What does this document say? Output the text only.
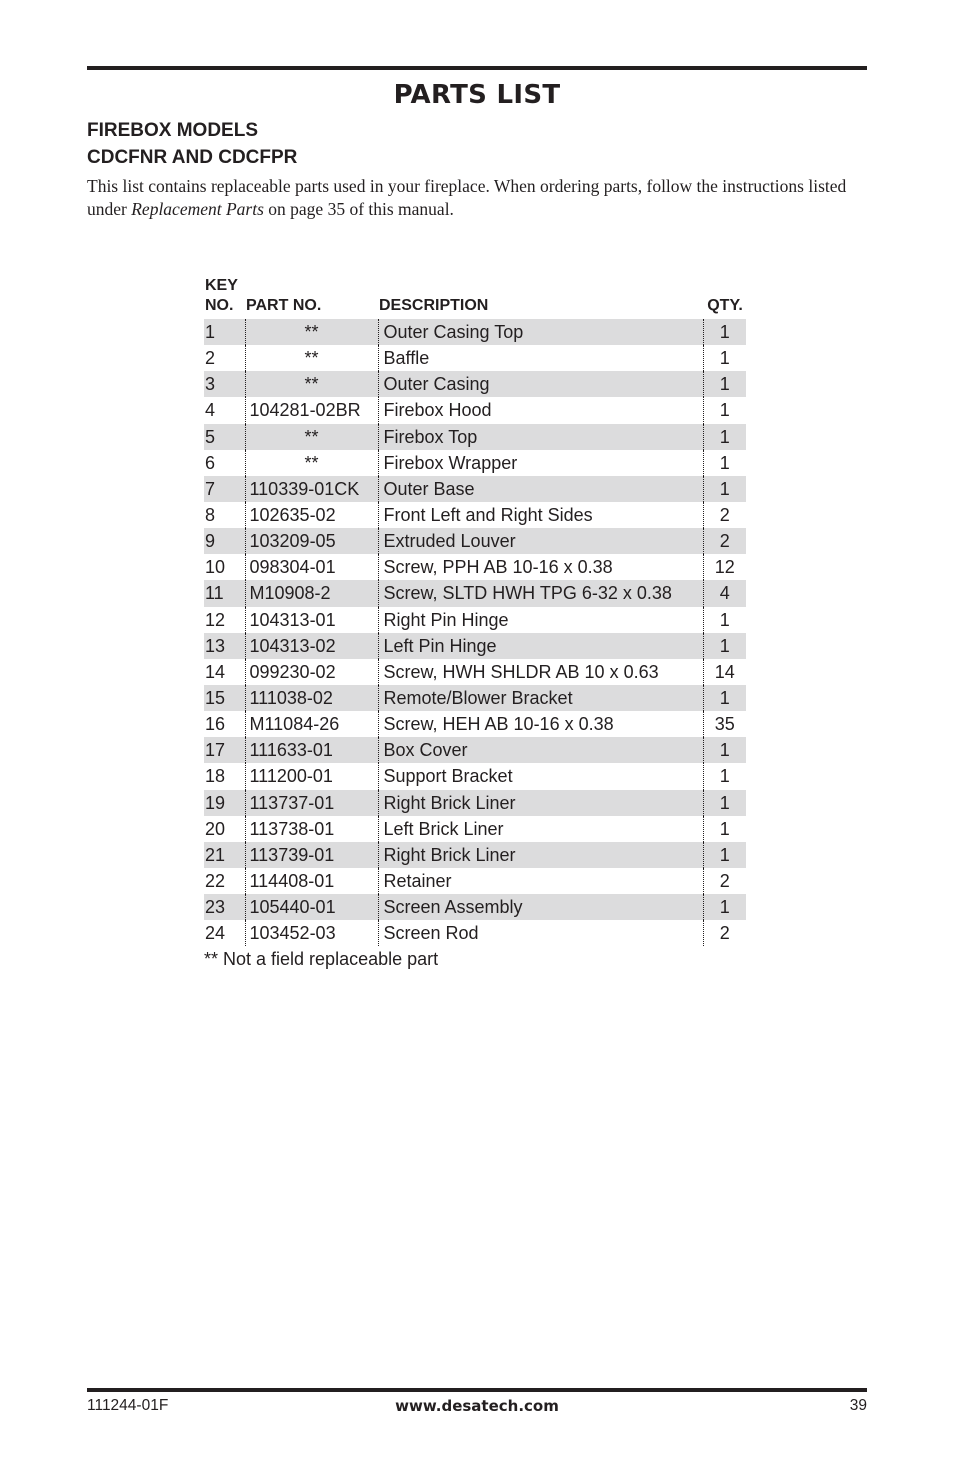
PARTS LIST
FIREBOX MODELS
CDCFNR AND CDCFPR
This list contains replaceable parts used in your fireplace. When ordering parts, follow the instructions listed under Replacement Parts on page 35 of this manual.
KEY
NO.	PART NO.	DESCRIPTION	QTY.
1	**	Outer Casing Top	1
2	**	Baffle	1
3	**	Outer Casing	1
4	104281-02BR	Firebox Hood	1
5	**	Firebox Top	1
6	**	Firebox Wrapper	1
7	110339-01CK	Outer Base	1
8	102635-02	Front Left and Right Sides	2
9	103209-05	Extruded Louver	2
10	098304-01	Screw, PPH AB 10-16 x 0.38	12
11	M10908-2	Screw, SLTD HWH TPG 6-32 x 0.38	4
12	104313-01	Right Pin Hinge	1
13	104313-02	Left Pin Hinge	1
14	099230-02	Screw, HWH SHLDR AB 10 x 0.63	14
15	111038-02	Remote/Blower Bracket	1
16	M11084-26	Screw, HEH AB 10-16 x 0.38	35
17	111633-01	Box Cover	1
18	111200-01	Support Bracket	1
19	113737-01	Right Brick Liner	1
20	113738-01	Left Brick Liner	1
21	113739-01	Right Brick Liner	1
22	114408-01	Retainer	2
23	105440-01	Screen Assembly	1
24	103452-03	Screen Rod	2
** Not a field replaceable part
111244-01F	www.desatech.com	39
